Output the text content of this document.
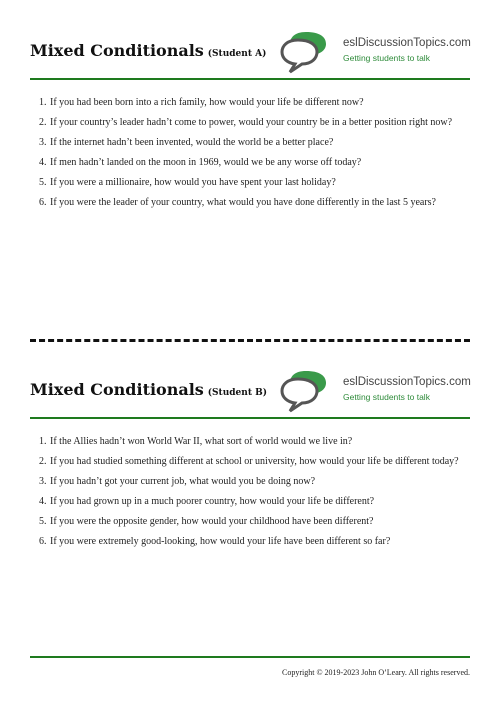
Mixed Conditionals (Student A)
eslDiscussionTopics.com
Getting students to talk
1. If you had been born into a rich family, how would your life be different now?
2. If your country’s leader hadn’t come to power, would your country be in a better position right now?
3. If the internet hadn’t been invented, would the world be a better place?
4. If men hadn’t landed on the moon in 1969, would we be any worse off today?
5. If you were a millionaire, how would you have spent your last holiday?
6. If you were the leader of your country, what would you have done differently in the last 5 years?
Mixed Conditionals (Student B)
eslDiscussionTopics.com
Getting students to talk
1. If the Allies hadn’t won World War II, what sort of world would we live in?
2. If you had studied something different at school or university, how would your life be different today?
3. If you hadn’t got your current job, what would you be doing now?
4. If you had grown up in a much poorer country, how would your life be different?
5. If you were the opposite gender, how would your childhood have been different?
6. If you were extremely good-looking, how would your life have been different so far?
Copyright © 2019-2023 John O’Leary. All rights reserved.
